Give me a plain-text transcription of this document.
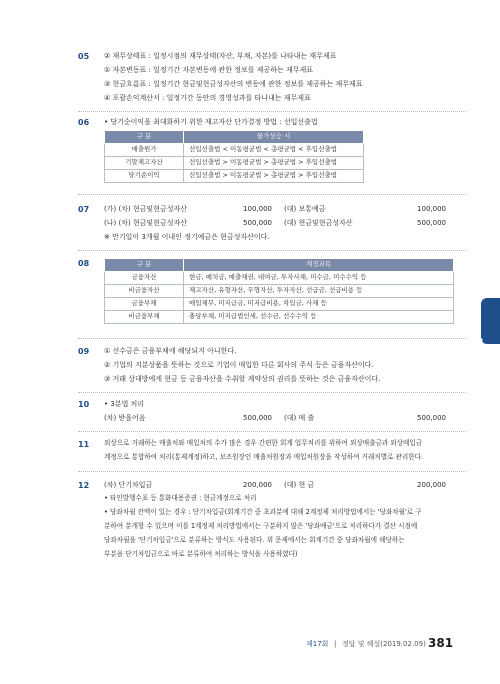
05 ② 재무상태표 : 일정시점의 재무상태(자산, 부채, 자본)를 나타내는 재무제표
① 자본변동표 : 일정기간 자본변동에 관한 정보를 제공하는 재무제표
③ 현금흐름표 : 일정기간 현금및현금성자산의 변동에 관한 정보를 제공하는 재무제표
④ 포괄손익계산서 : 일정기간 동안의 경영성과를 타나내는 재무제표
06 • 당기순이익을 최대화하기 위한 재고자산 단가결정 방법 : 선입선출법
구 분	물가상승 시
매출원가	선입선출법 < 이동평균법 < 총평균법 < 후입선출법
기말재고자산	선입선출법 > 이동평균법 > 총평균법 > 후입선출법
당기순이익	선입선출법 > 이동평균법 > 총평균법 > 후입선출법
07 (가) (차) 현금및현금성자산	100,000 (대) 보통예금	100,000
(나) (차) 현금및현금성자산	500,000 (대) 현금및현금성자산	500,000
※ 만기일이 3개월 이내인 정기예금은 현금성자산이다.
08	구 분	계정과목
금융자산	현금, 예치금, 매출채권, 대여금, 투자사채, 미수금, 미수수익 등
비금융자산	재고자산, 유형자산, 무형자산, 투자자산, 선급금, 선급비용 등
금융부채	매입채무, 미지급금, 미지급비용, 차입금, 사채 등
비금융부채	충당부채, 미지급법인세, 선수금, 선수수익 등
09 ① 선수금은 금융부채에 해당되지 아니한다.
② 기업의 지분상품을 뜻하는 것으로 기업이 매입한 다른 회사의 주식 등은 금융자산이다.
③ 거래 상대방에게 현금 등 금융자산을 수취할 계약상의 권리를 뜻하는 것은 금융자산이다.
10 • 3분법 처리
(차) 받을어음	500,000 (대) 매 출	500,000
11 외상으로 거래하는 매출처와 매입처의 수가 많은 경우 간편한 회계 업무처리를 위하여 외상매출금과 외상매입금
계정으로 통합하여 처리(통제계정)하고, 보조원장인 매출처원장과 매입처원장을 작성하여 거래처별로 관리한다.
12 (차) 단기차입금	200,000 (대) 현 금	200,000
• 타인발행수표 등 통화대용증권 : 현금계정으로 처리
• 당좌차월 잔액이 있는 경우 : 단기차입금(회계기간 중 초과분에 대해 2계정제 처리방법에서는 '당좌차월'로 구
분하여 분개할 수 있으며 이를 1계정제 처리방법에서는 구분하지 않은 '당좌예금'으로 처리하다가 결산 시점에
당좌차월을 '단기차입금'으로 분류하는 방식도 사용된다. 위 문제에서는 회계기간 중 당좌차월에 해당하는
부분을 단기차입금으로 바로 분류하여 처리하는 방식을 사용하였다)
PART 3
제17회 | 정답 및 해설(2019.02.09) 381
